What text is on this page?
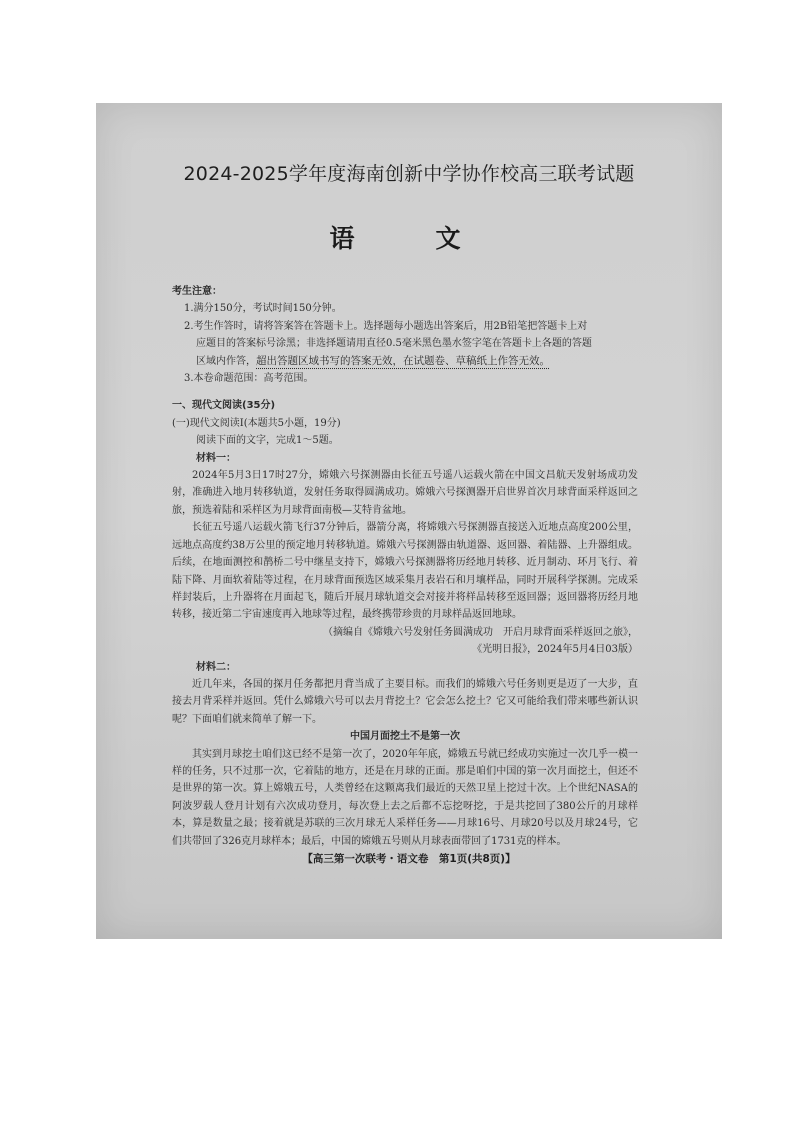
2024-2025学年度海南创新中学协作校高三联考试题
语　文

考生注意：

1.满分150分，考试时间150分钟。

2.考生作答时，请将答案答在答题卡上。选择题每小题选出答案后，用2B铅笔把答题卡上对

应题目的答案标号涂黑；非选择题请用直径0.5毫米黑色墨水签字笔在答题卡上各题的答题

区域内作答，超出答题区域书写的答案无效，在试题卷、草稿纸上作答无效。

3.本卷命题范围：高考范围。

一、现代文阅读(35分)

(一)现代文阅读Ⅰ(本题共5小题，19分)

阅读下面的文字，完成1～5题。

材料一：

2024年5月3日17时27分，嫦娥六号探测器由长征五号遥八运载火箭在中国文昌航天发射场成功发射，准确进入地月转移轨道，发射任务取得圆满成功。嫦娥六号探测器开启世界首次月球背面采样返回之旅，预选着陆和采样区为月球背面南极—艾特肯盆地。

长征五号遥八运载火箭飞行37分钟后，器箭分离，将嫦娥六号探测器直接送入近地点高度200公里，远地点高度约38万公里的预定地月转移轨道。嫦娥六号探测器由轨道器、返回器、着陆器、上升器组成。后续，在地面测控和鹊桥二号中继星支持下，嫦娥六号探测器将历经地月转移、近月制动、环月飞行、着陆下降、月面软着陆等过程，在月球背面预选区域采集月表岩石和月壤样品，同时开展科学探测。完成采样封装后，上升器将在月面起飞，随后开展月球轨道交会对接并将样品转移至返回器；返回器将历经月地转移，接近第二宇宙速度再入地球等过程，最终携带珍贵的月球样品返回地球。

（摘编自《嫦娥六号发射任务圆满成功　开启月球背面采样返回之旅》，

《光明日报》，2024年5月4日03版）

材料二：

近几年来，各国的探月任务都把月背当成了主要目标。而我们的嫦娥六号任务则更是迈了一大步，直接去月背采样并返回。凭什么嫦娥六号可以去月背挖土？它会怎么挖土？它又可能给我们带来哪些新认识呢？下面咱们就来简单了解一下。

中国月面挖土不是第一次

其实到月球挖土咱们这已经不是第一次了，2020年年底，嫦娥五号就已经成功实施过一次几乎一模一样的任务，只不过那一次，它着陆的地方，还是在月球的正面。那是咱们中国的第一次月面挖土，但还不是世界的第一次。算上嫦娥五号，人类曾经在这颗离我们最近的天然卫星上挖过十次。上个世纪NASA的阿波罗载人登月计划有六次成功登月，每次登上去之后都不忘挖呀挖，于是共挖回了380公斤的月球样本，算是数量之最；接着就是苏联的三次月球无人采样任务——月球16号、月球20号以及月球24号，它们共带回了326克月球样本；最后，中国的嫦娥五号则从月球表面带回了1731克的样本。

【高三第一次联考・语文卷　第1页(共8页)】
